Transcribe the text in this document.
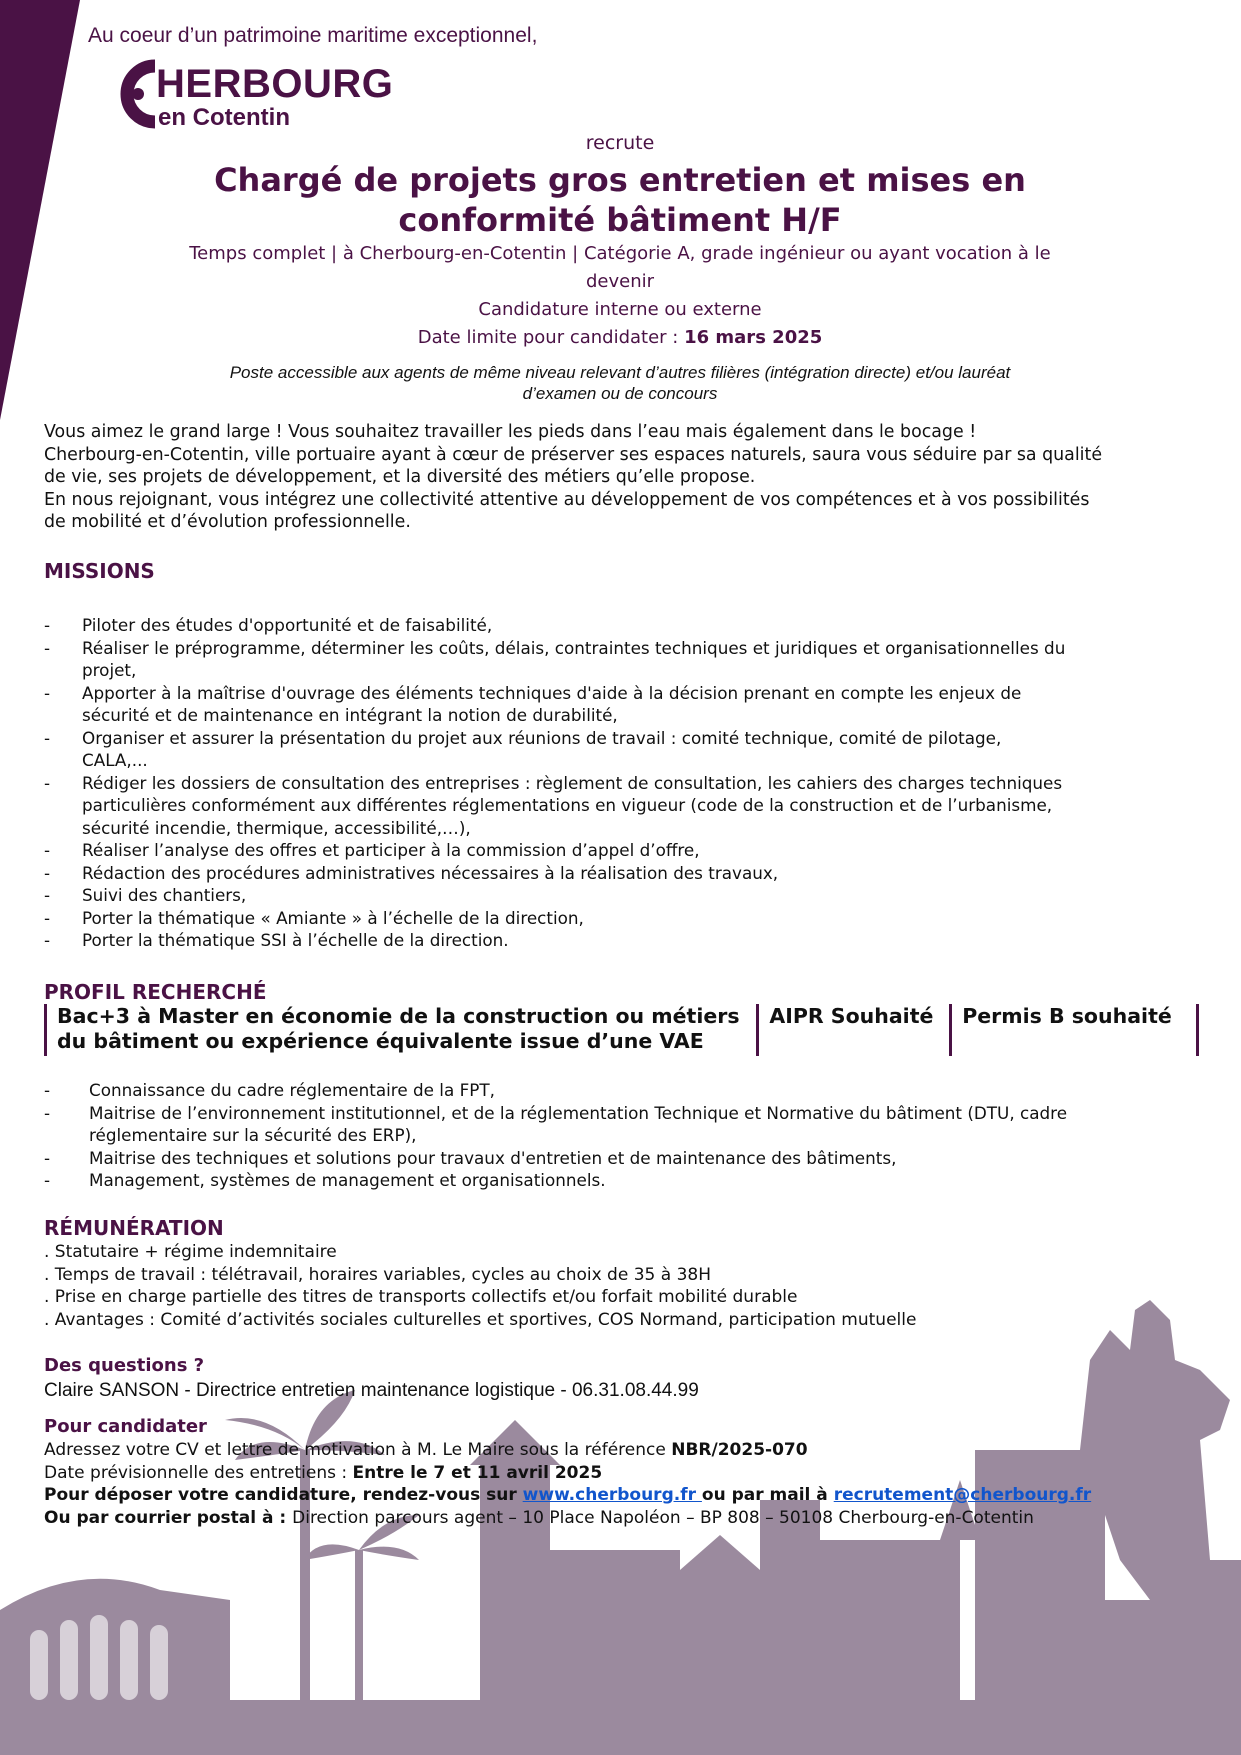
Au coeur d’un patrimoine maritime exceptionnel,
HERBOURG
en Cotentin
recrute
Chargé de projets gros entretien et mises en
conformité bâtiment H/F
Temps complet | à Cherbourg-en-Cotentin | Catégorie A, grade ingénieur ou ayant vocation à le
devenir
Candidature interne ou externe
Date limite pour candidater : 16 mars 2025
Poste accessible aux agents de même niveau relevant d’autres filières (intégration directe) et/ou lauréat
d’examen ou de concours
Vous aimez le grand large ! Vous souhaitez travailler les pieds dans l’eau mais également dans le bocage !
Cherbourg-en-Cotentin, ville portuaire ayant à cœur de préserver ses espaces naturels, saura vous séduire par sa qualité
de vie, ses projets de développement, et la diversité des métiers qu’elle propose.
En nous rejoignant, vous intégrez une collectivité attentive au développement de vos compétences et à vos possibilités
de mobilité et d’évolution professionnelle.
MISSIONS
- Piloter des études d'opportunité et de faisabilité,
- Réaliser le préprogramme, déterminer les coûts, délais, contraintes techniques et juridiques et organisationnelles du
projet,
- Apporter à la maîtrise d'ouvrage des éléments techniques d'aide à la décision prenant en compte les enjeux de
sécurité et de maintenance en intégrant la notion de durabilité,
- Organiser et assurer la présentation du projet aux réunions de travail : comité technique, comité de pilotage,
CALA,...
- Rédiger les dossiers de consultation des entreprises : règlement de consultation, les cahiers des charges techniques
particulières conformément aux différentes réglementations en vigueur (code de la construction et de l’urbanisme,
sécurité incendie, thermique, accessibilité,…),
- Réaliser l’analyse des offres et participer à la commission d’appel d’offre,
- Rédaction des procédures administratives nécessaires à la réalisation des travaux,
- Suivi des chantiers,
- Porter la thématique « Amiante » à l’échelle de la direction,
- Porter la thématique SSI à l’échelle de la direction.
PROFIL RECHERCHÉ
Bac+3 à Master en économie de la construction ou métiers
du bâtiment ou expérience équivalente issue d’une VAE
AIPR Souhaité	Permis B souhaité
- Connaissance du cadre réglementaire de la FPT,
- Maitrise de l’environnement institutionnel, et de la réglementation Technique et Normative du bâtiment (DTU, cadre
réglementaire sur la sécurité des ERP),
- Maitrise des techniques et solutions pour travaux d'entretien et de maintenance des bâtiments,
- Management, systèmes de management et organisationnels.
RÉMUNÉRATION
. Statutaire + régime indemnitaire
. Temps de travail : télétravail, horaires variables, cycles au choix de 35 à 38H
. Prise en charge partielle des titres de transports collectifs et/ou forfait mobilité durable
. Avantages : Comité d’activités sociales culturelles et sportives, COS Normand, participation mutuelle
Des questions ?
Claire SANSON - Directrice entretien maintenance logistique - 06.31.08.44.99
Pour candidater
Adressez votre CV et lettre de motivation à M. Le Maire sous la référence NBR/2025-070
Date prévisionnelle des entretiens : Entre le 7 et 11 avril 2025
Pour déposer votre candidature, rendez-vous sur www.cherbourg.fr ou par mail à recrutement@cherbourg.fr
Ou par courrier postal à : Direction parcours agent – 10 Place Napoléon – BP 808 – 50108 Cherbourg-en-Cotentin
